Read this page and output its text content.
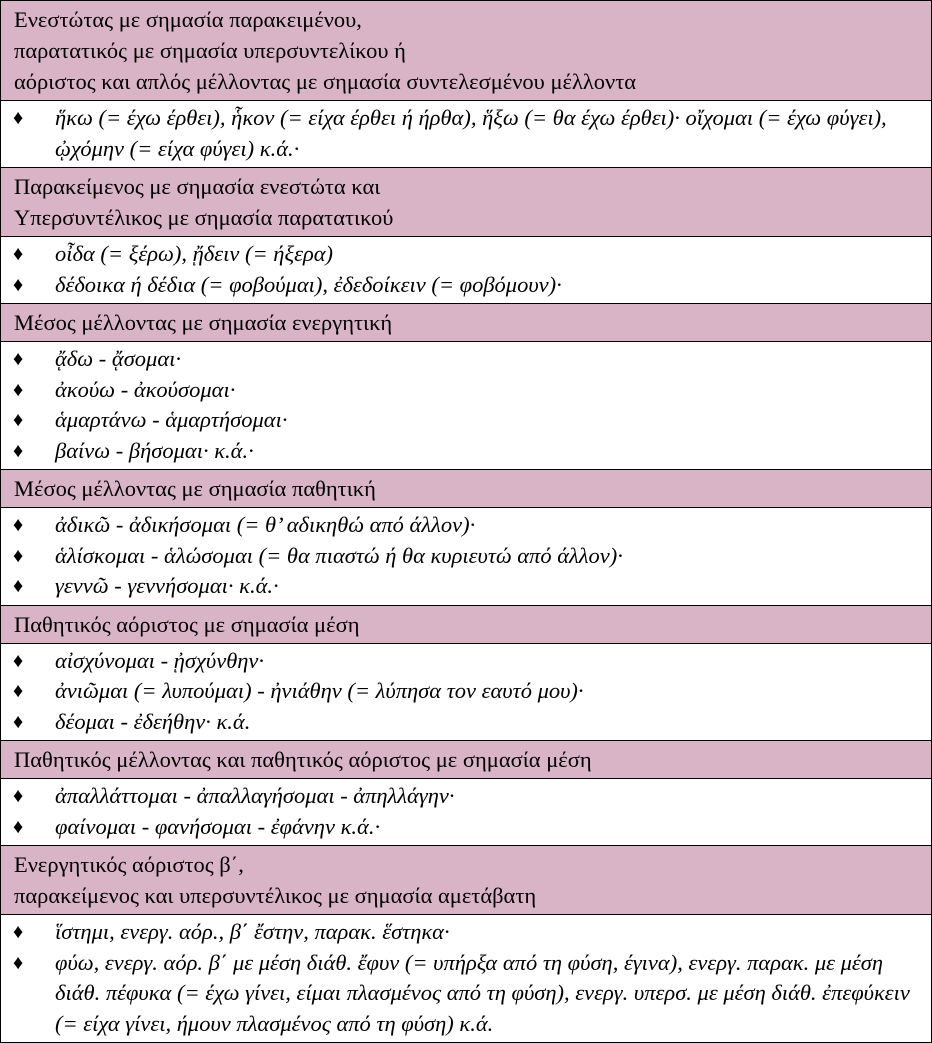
Ενεστώτας με σημασία παρακειμένου,
παρατατικός με σημασία υπερσυντελίκου ή
αόριστος και απλός μέλλοντας με σημασία συντελεσμένου μέλλοντα

♦	ἥκω (= έχω έρθει), ἧκον (= είχα έρθει ή ήρθα), ἥξω (= θα έχω έρθει)· οἴχομαι (= έχω φύγει), ᾠχόμην (= είχα φύγει) κ.ά.·

Παρακείμενος με σημασία ενεστώτα και
Υπερσυντέλικος με σημασία παρατατικού

♦	οἶδα (= ξέρω), ᾔδειν (= ήξερα)
♦	δέδοικα ή δέδια (= φοβούμαι), ἐδεδοίκειν (= φοβόμουν)·

Μέσος μέλλοντας με σημασία ενεργητική

♦	ᾄδω - ᾄσομαι·
♦	ἀκούω - ἀκούσομαι·
♦	ἁμαρτάνω - ἁμαρτήσομαι·
♦	βαίνω - βήσομαι· κ.ά.·

Μέσος μέλλοντας με σημασία παθητική

♦	ἀδικῶ - ἀδικήσομαι (= θ’ αδικηθώ από άλλον)·
♦	ἁλίσκομαι - ἁλώσομαι (= θα πιαστώ ή θα κυριευτώ από άλλον)·
♦	γεννῶ - γεννήσομαι· κ.ά.·

Παθητικός αόριστος με σημασία μέση

♦	αἰσχύνομαι - ᾐσχύνθην·
♦	ἀνιῶμαι (= λυπούμαι) - ἠνιάθην (= λύπησα τον εαυτό μου)·
♦	δέομαι - ἐδεήθην· κ.ά.

Παθητικός μέλλοντας και παθητικός αόριστος με σημασία μέση

♦	ἀπαλλάττομαι - ἀπαλλαγήσομαι - ἀπηλλάγην·
♦	φαίνομαι - φανήσομαι - ἐφάνην κ.ά.·

Ενεργητικός αόριστος β΄,
παρακείμενος και υπερσυντέλικος με σημασία αμετάβατη

♦	ἵστημι, ενεργ. αόρ., β΄ ἔστην, παρακ. ἕστηκα·
♦	φύω, ενεργ. αόρ. β΄ με μέση διάθ. ἔφυν (= υπήρξα από τη φύση, έγινα), ενεργ. παρακ. με μέση διάθ. πέφυκα (= έχω γίνει, είμαι πλασμένος από τη φύση), ενεργ. υπερσ. με μέση διάθ. ἐπεφύκειν (= είχα γίνει, ήμουν πλασμένος από τη φύση) κ.ά.
